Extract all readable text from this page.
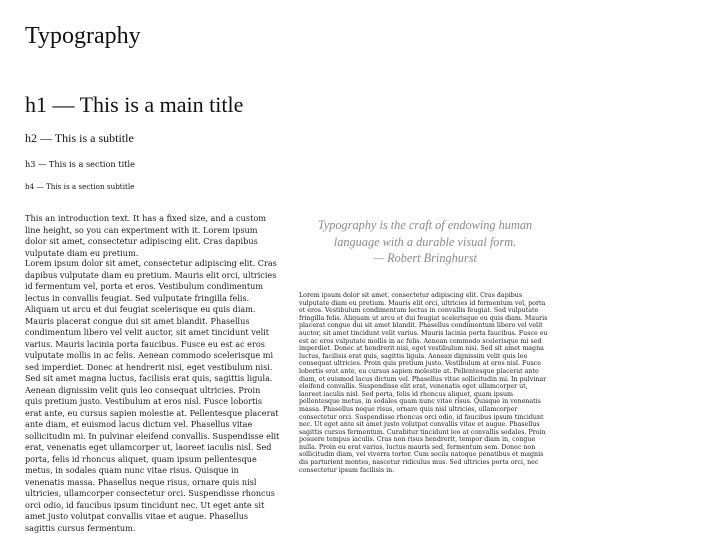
Typography
h1 — This is a main title
h2 — This is a subtitle
h3 — This is a section title
h4 — This is a section subtitle

This an introduction text. It has a fixed size, and a custom line height, so you can experiment with it. Lorem ipsum dolor sit amet, consectetur adipiscing elit. Cras dapibus vulputate diam eu pretium.

Lorem ipsum dolor sit amet, consectetur adipiscing elit. Cras dapibus vulputate diam eu pretium. Mauris elit orci, ultricies id fermentum vel, porta et eros. Vestibulum condimentum lectus in convallis feugiat. Sed vulputate fringilla felis. Aliquam ut arcu et dui feugiat scelerisque eu quis diam. Mauris placerat congue dui sit amet blandit. Phasellus condimentum libero vel velit auctor, sit amet tincidunt velit varius. Mauris lacinia porta faucibus. Fusce eu est ac eros vulputate mollis in ac felis. Aenean commodo scelerisque mi sed imperdiet. Donec at hendrerit nisi, eget vestibulum nisi. Sed sit amet magna luctus, facilisis erat quis, sagittis ligula. Aenean dignissim velit quis leo consequat ultricies. Proin quis pretium justo. Vestibulum at eros nisl. Fusce lobortis erat ante, eu cursus sapien molestie at. Pellentesque placerat ante diam, et euismod lacus dictum vel. Phasellus vitae sollicitudin mi. In pulvinar eleifend convallis. Suspendisse elit erat, venenatis eget ullamcorper ut, laoreet iaculis nisl. Sed porta, felis id rhoncus aliquet, quam ipsum pellentesque metus, in sodales quam nunc vitae risus. Quisque in venenatis massa. Phasellus neque risus, ornare quis nisl ultricies, ullamcorper consectetur orci. Suspendisse rhoncus orci odio, id faucibus ipsum tincidunt nec. Ut eget ante sit amet justo volutpat convallis vitae et augue. Phasellus sagittis cursus fermentum.

Typography is the craft of endowing human
language with a durable visual form.
— Robert Bringhurst

Lorem ipsum dolor sit amet, consectetur adipiscing elit. Cras dapibus vulputate diam eu pretium. Mauris elit orci, ultricies id fermentum vel, porta et eros. Vestibulum condimentum lectus in convallis feugiat. Sed vulputate fringilla felis. Aliquam ut arcu et dui feugiat scelerisque eu quis diam. Mauris placerat congue dui sit amet blandit. Phasellus condimentum libero vel velit auctor, sit amet tincidunt velit varius. Mauris lacinia porta faucibus. Fusce eu est ac eros vulputate mollis in ac felis. Aenean commodo scelerisque mi sed imperdiet. Donec at hendrerit nisi, eget vestibulum nisi. Sed sit amet magna luctus, facilisis erat quis, sagittis ligula. Aenean dignissim velit quis leo consequat ultricies. Proin quis pretium justo. Vestibulum at eros nisl. Fusce lobortis erat ante, eu cursus sapien molestie at. Pellentesque placerat ante diam, et euismod lacus dictum vel. Phasellus vitae sollicitudin mi. In pulvinar eleifend convallis. Suspendisse elit erat, venenatis eget ullamcorper ut, laoreet iaculis nisl. Sed porta, felis id rhoncus aliquet, quam ipsum pellentesque metus, in sodales quam nunc vitae risus. Quisque in venenatis massa. Phasellus neque risus, ornare quis nisl ultricies, ullamcorper consectetur orci. Suspendisse rhoncus orci odio, id faucibus ipsum tincidunt nec. Ut eget ante sit amet justo volutpat convallis vitae et augue. Phasellus sagittis cursus fermentum. Curabitur tincidunt leo at convallis sodales. Proin posuere tempus iaculis. Cras non risus hendrerit, tempor diam in, congue nulla. Proin eu erat varius, luctus mauris sed, fermentum sem. Donec non sollicitudin diam, vel viverra tortor. Cum sociis natoque penatibus et magnis dis parturient montes, nascetur ridiculus mus. Sed ultricies porta orci, nec consectetur ipsum facilisis in.
